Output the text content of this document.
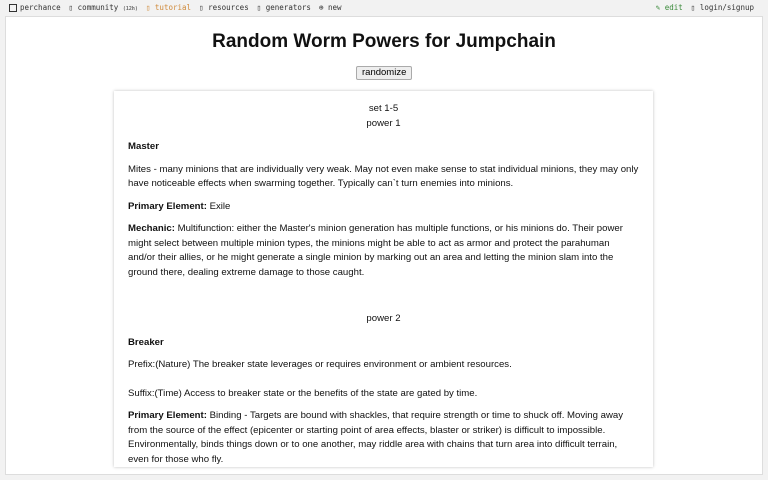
perchance ▯ community (12h) ▯ tutorial ▯ resources ▯ generators ⊕ new	✎ edit ▯ login/signup
Random Worm Powers for Jumpchain
randomize
set 1-5
power 1

Master

Mites - many minions that are individually very weak. May not even make sense to stat individual minions, they may only have noticeable effects when swarming together. Typically can`t turn enemies into minions.

Primary Element: Exile

Mechanic: Multifunction: either the Master's minion generation has multiple functions, or his minions do. Their power might select between multiple minion types, the minions might be able to act as armor and protect the parahuman and/or their allies, or he might generate a single minion by marking out an area and letting the minion slam into the ground there, dealing extreme damage to those caught.

power 2

Breaker

Prefix:(Nature) The breaker state leverages or requires environment or ambient resources.

Suffix:(Time) Access to breaker state or the benefits of the state are gated by time.

Primary Element: Binding - Targets are bound with shackles, that require strength or time to shuck off. Moving away from the source of the effect (epicenter or starting point of area effects, blaster or striker) is difficult to impossible. Environmentally, binds things down or to one another, may riddle area with chains that turn area into difficult terrain, even for those who fly.
